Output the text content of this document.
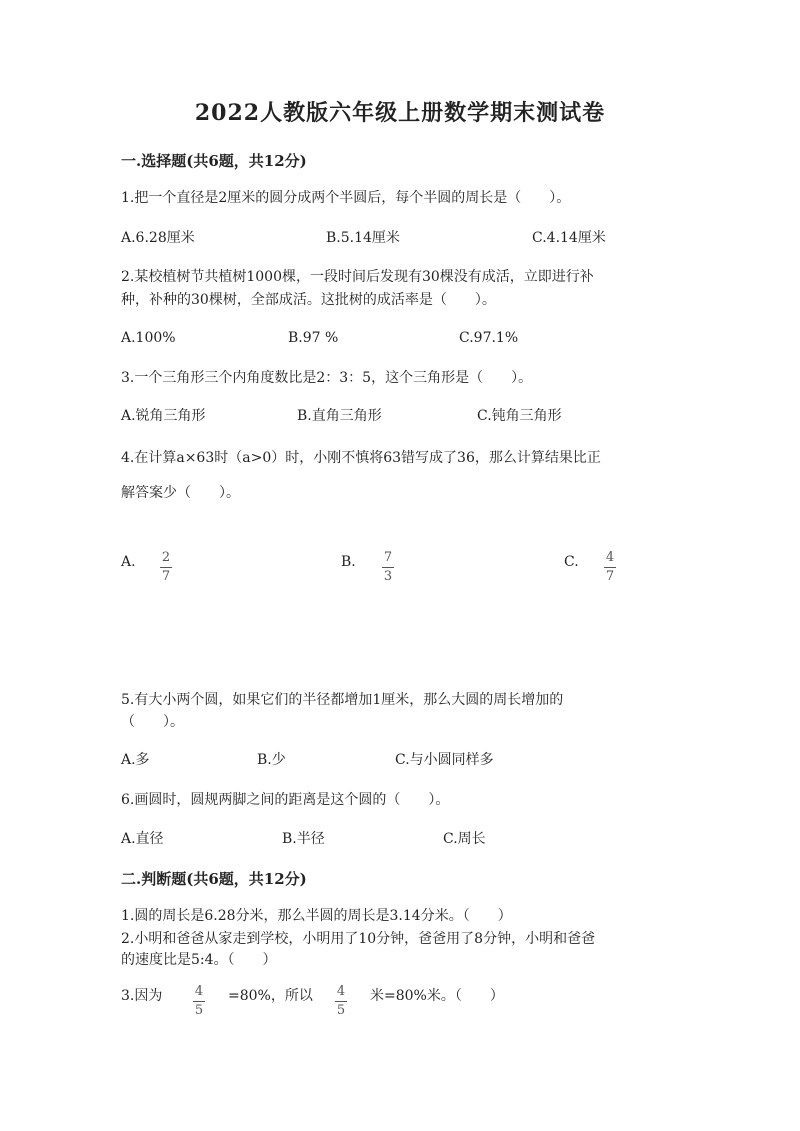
2022人教版六年级上册数学期末测试卷
一.选择题(共6题，共12分)
1.把一个直径是2厘米的圆分成两个半圆后，每个半圆的周长是（　　）。
A.6.28厘米	B.5.14厘米	C.4.14厘米
2.某校植树节共植树1000棵，一段时间后发现有30棵没有成活，立即进行补
种，补种的30棵树，全部成活。这批树的成活率是（　　）。
A.100%	B.97 %	C.97.1%
3.一个三角形三个内角度数比是2：3：5，这个三角形是（　　）。
A.锐角三角形	B.直角三角形	C.钝角三角形
4.在计算a×63时（a>0）时，小刚不慎将63错写成了36，那么计算结果比正
解答案少（　　）。
A. $\frac{2}{7}$	B. $\frac{7}{3}$	C. $\frac{4}{7}$
5.有大小两个圆，如果它们的半径都增加1厘米，那么大圆的周长增加的
（　　）。
A.多	B.少	C.与小圆同样多
6.画圆时，圆规两脚之间的距离是这个圆的（　　）。
A.直径	B.半径	C.周长
二.判断题(共6题，共12分)
1.圆的周长是6.28分米，那么半圆的周长是3.14分米。（　　）
2.小明和爸爸从家走到学校，小明用了10分钟，爸爸用了8分钟，小明和爸爸
的速度比是5:4。（　　）
3.因为 $\frac{4}{5} =80\%$，所以 $\frac{4}{5}$ 米=80%米。（　　）
